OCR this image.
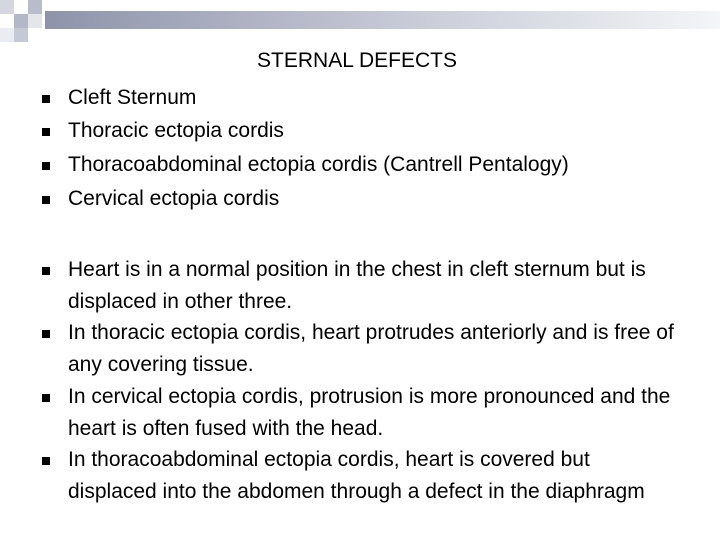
STERNAL DEFECTS
Cleft Sternum
Thoracic ectopia cordis
Thoracoabdominal ectopia cordis (Cantrell Pentalogy)
Cervical ectopia cordis
Heart is in a normal position in the chest in cleft sternum but is displaced in other three.
In thoracic ectopia cordis, heart protrudes anteriorly and is free of any covering tissue.
In cervical ectopia cordis, protrusion is more pronounced and the heart is often fused with the head.
In thoracoabdominal ectopia cordis, heart is covered but displaced into the abdomen through a defect in the diaphragm
